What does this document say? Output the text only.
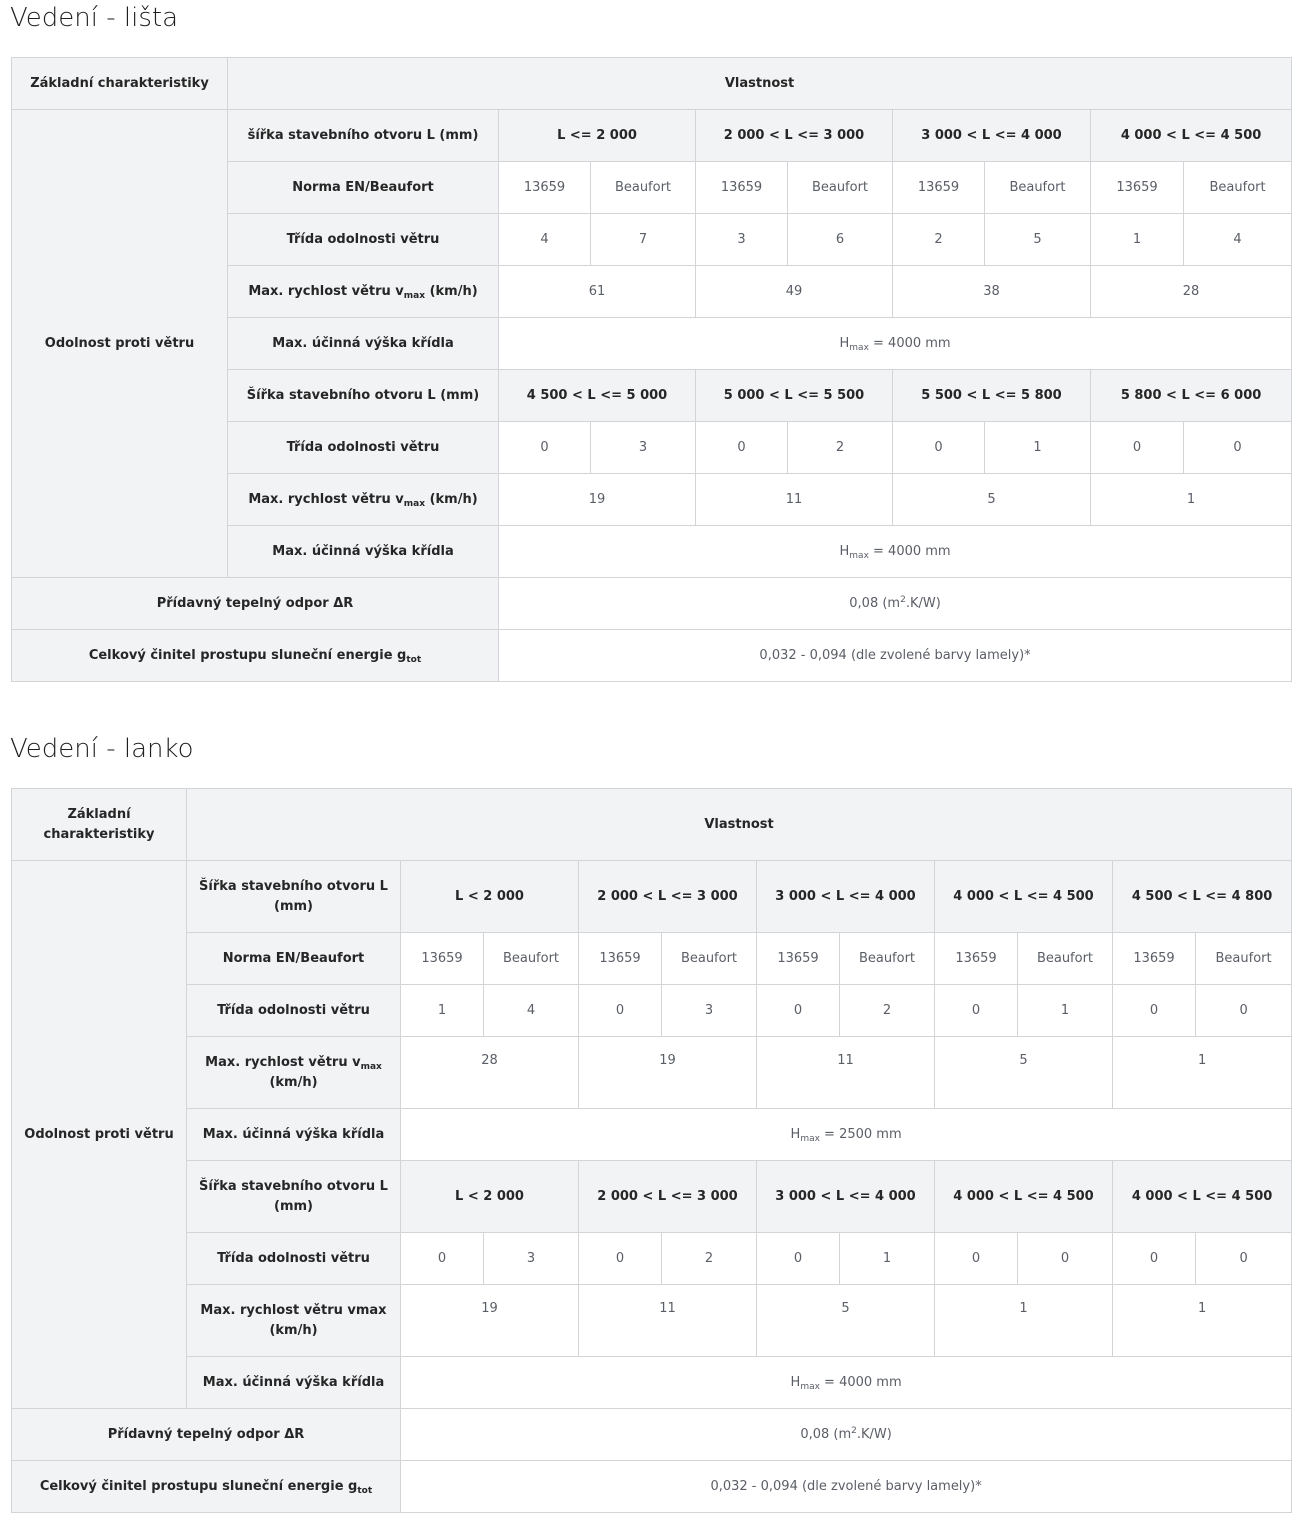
Vedení - lišta
Základní charakteristiky	Vlastnost								
Odolnost proti větru	šířka stavebního otvoru L (mm)	L <= 2 000		2 000 < L <= 3 000		3 000 < L <= 4 000		4 000 < L <= 4 500	
	Norma EN/Beaufort	13659	Beaufort	13659	Beaufort	13659	Beaufort	13659	Beaufort
	Třída odolnosti větru	4	7	3	6	2	5	1	4
	Max. rychlost větru $v_{max}$ (km/h)	61		49		38		28	
	Max. účinná výška křídla	$H_{max} = 4000$ mm							
	Šířka stavebního otvoru L (mm)	4 500 < L <= 5 000		5 000 < L <= 5 500		5 500 < L <= 5 800		5 800 < L <= 6 000	
	Třída odolnosti větru	0	3	0	2	0	1	0	0
	Max. rychlost větru $v_{max}$ (km/h)	19		11		5		1	
	Max. účinná výška křídla	$H_{max} = 4000$ mm							
Přídavný tepelný odpor ΔR		0,08 $(m^2.K/W)$							
Celkový činitel prostupu sluneční energie $g_{tot}$		0,032 - 0,094 (dle zvolené barvy lamely)*							
Vedení - lanko
Základní charakteristiky	Vlastnost										
Odolnost proti větru	Šířka stavebního otvoru L (mm)	L < 2 000		2 000 < L <= 3 000		3 000 < L <= 4 000		4 000 < L <= 4 500		4 500 < L <= 4 800	
	Norma EN/Beaufort	13659	Beaufort	13659	Beaufort	13659	Beaufort	13659	Beaufort	13659	Beaufort
	Třída odolnosti větru	1	4	0	3	0	2	0	1	0	0
	Max. rychlost větru $v_{max}$ (km/h)	28		19		11		5		1	
	Max. účinná výška křídla	$H_{max} = 2500$ mm									
	Šířka stavebního otvoru L (mm)	L < 2 000		2 000 < L <= 3 000		3 000 < L <= 4 000		4 000 < L <= 4 500		4 000 < L <= 4 500	
	Třída odolnosti větru	0	3	0	2	0	1	0	0	0	0
	Max. rychlost větru vmax (km/h)	19		11		5		1		1	
	Max. účinná výška křídla	$H_{max} = 4000$ mm									
Přídavný tepelný odpor ΔR		0,08 $(m^2.K/W)$									
Celkový činitel prostupu sluneční energie $g_{tot}$		0,032 - 0,094 (dle zvolené barvy lamely)*									
